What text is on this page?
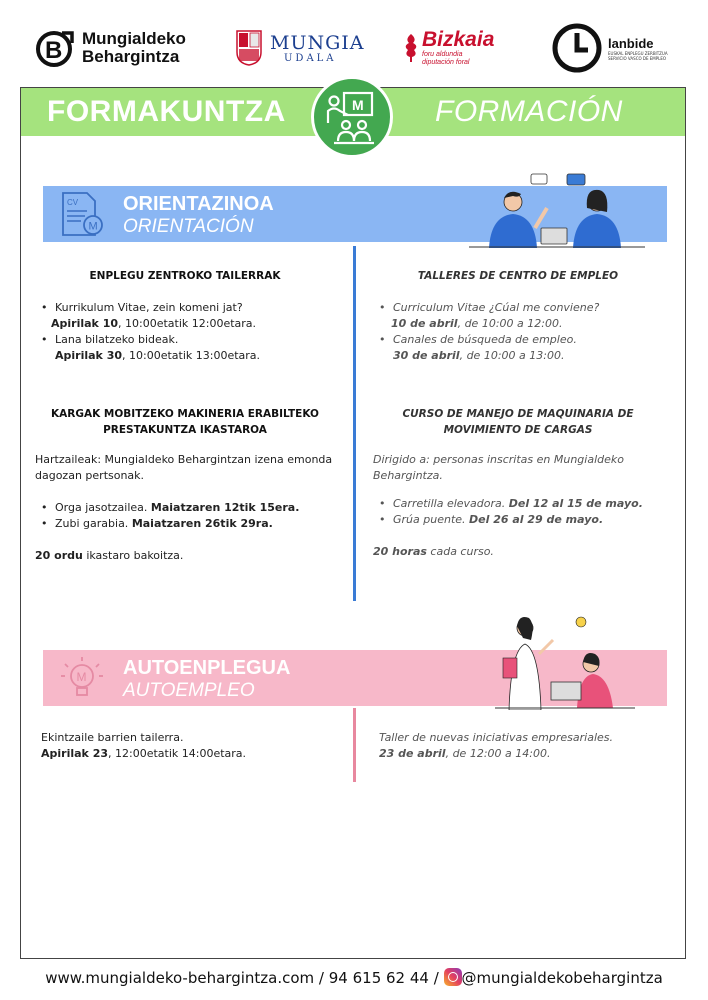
B Mungialdeko
Behargintza
MUNGIA
UDALA
Bizkaia
foru aldundia
diputación foral
lanbide
EUSKAL ENPLEGU ZERBITZUA SERVICIO VASCO DE EMPLEO
FORMAKUNTZA	FORMACIÓN
M
CV
M
ORIENTAZINOA
ORIENTACIÓN
ENPLEGU ZENTROKO TAILERRAK
• Kurrikulum Vitae, zein komeni jat?
Apirilak 10, 10:00etatik 12:00etara.
• Lana bilatzeko bideak.
Apirilak 30, 10:00etatik 13:00etara.
TALLERES DE CENTRO DE EMPLEO
• Curriculum Vitae ¿Cúal me conviene?
10 de abril, de 10:00 a 12:00.
• Canales de búsqueda de empleo.
30 de abril, de 10:00 a 13:00.
KARGAK MOBITZEKO MAKINERIA ERABILTEKO
PRESTAKUNTZA IKASTAROA
Hartzaileak: Mungialdeko Behargintzan izena emonda dagozan pertsonak.
• Orga jasotzailea. Maiatzaren 12tik 15era.
• Zubi garabia. Maiatzaren 26tik 29ra.
20 ordu ikastaro bakoitza.
CURSO DE MANEJO DE MAQUINARIA DE
MOVIMIENTO DE CARGAS
Dirigido a: personas inscritas en Mungialdeko Behargintza.
• Carretilla elevadora. Del 12 al 15 de mayo.
• Grúa puente. Del 26 al 29 de mayo.
20 horas cada curso.
M AUTOENPLEGUA
AUTOEMPLEO
Ekintzaile barrien tailerra.
Apirilak 23, 12:00etatik 14:00etara.
Taller de nuevas iniciativas empresariales.
23 de abril, de 12:00 a 14:00.
www.mungialdeko-behargintza.com / 94 615 62 44 / @mungialdekobehargintza
